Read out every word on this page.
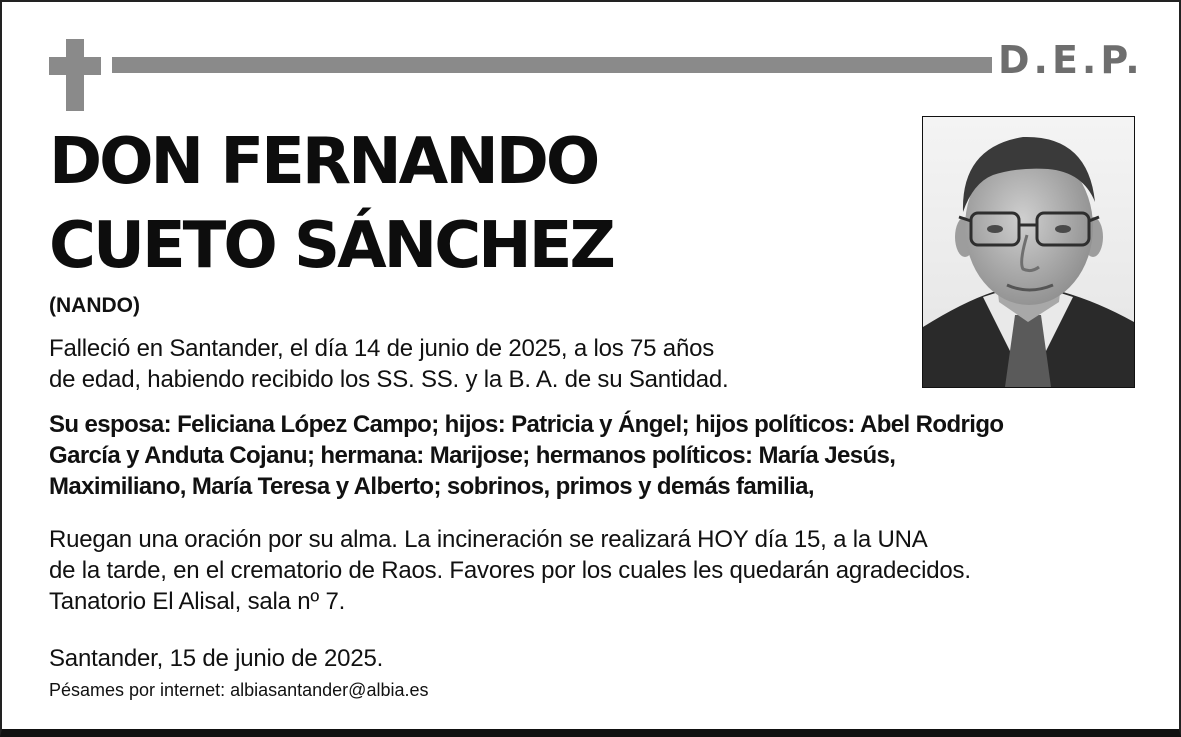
D.E.P.
DON FERNANDO
CUETO SÁNCHEZ
(NANDO)

Falleció en Santander, el día 14 de junio de 2025, a los 75 años
de edad, habiendo recibido los SS. SS. y la B. A. de su Santidad.

Su esposa: Feliciana López Campo; hijos: Patricia y Ángel; hijos políticos: Abel Rodrigo
García y Anduta Cojanu; hermana: Marijose; hermanos políticos: María Jesús,
Maximiliano, María Teresa y Alberto; sobrinos, primos y demás familia,

Ruegan una oración por su alma. La incineración se realizará HOY día 15, a la UNA
de la tarde, en el crematorio de Raos. Favores por los cuales les quedarán agradecidos.
Tanatorio El Alisal, sala nº 7.

Santander, 15 de junio de 2025.

Pésames por internet: albiasantander@albia.es
